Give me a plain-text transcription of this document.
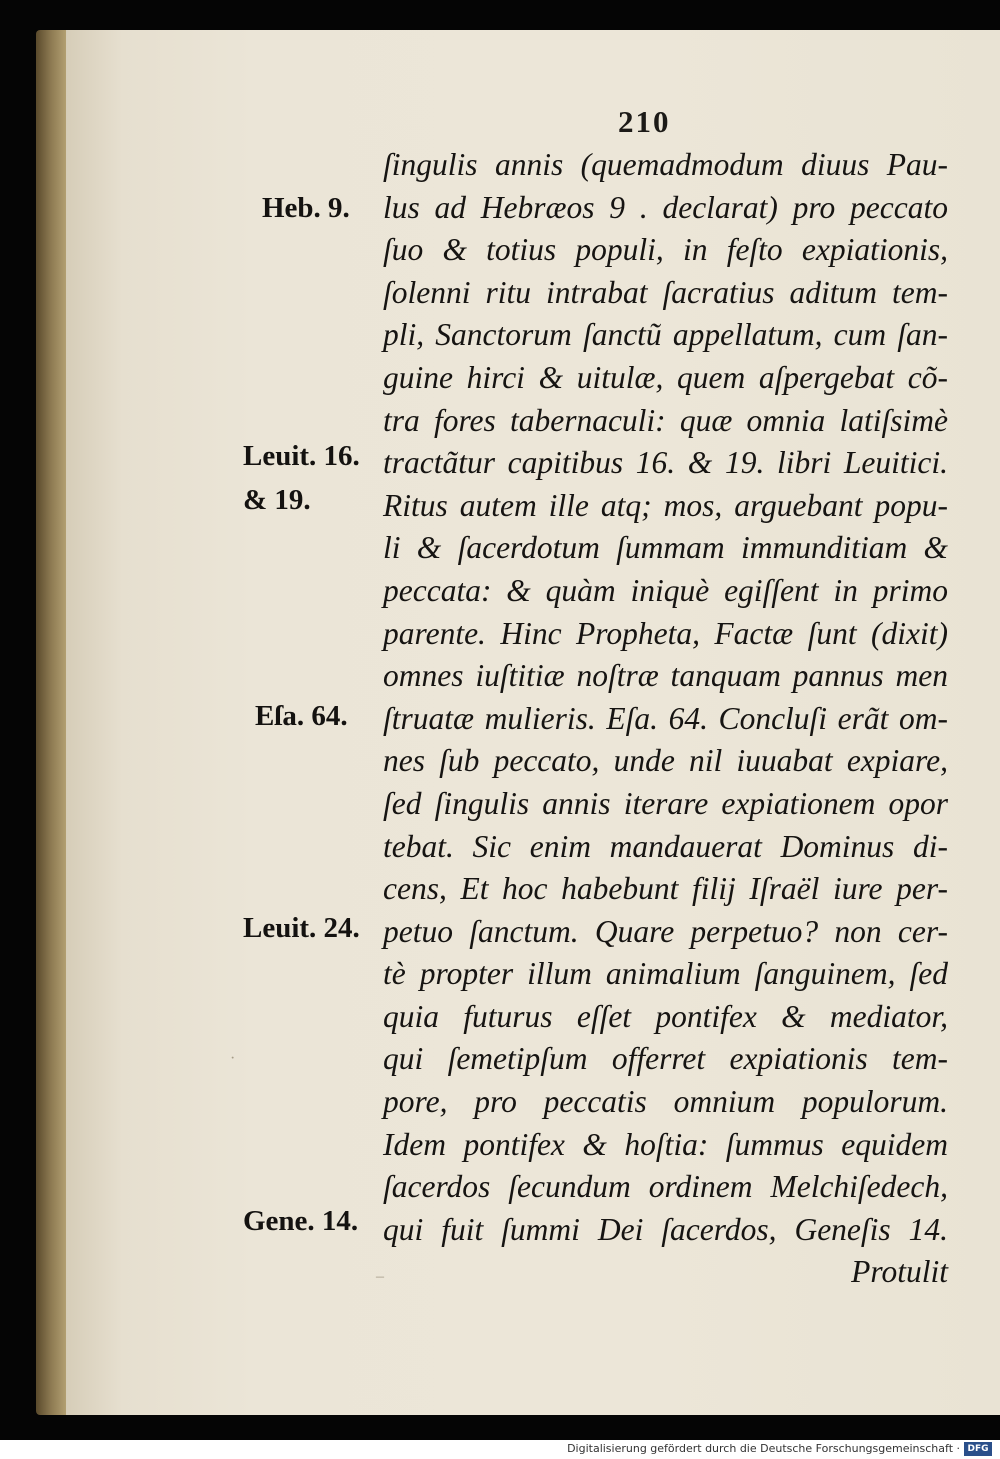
210
ſingulis annis (quemadmodum diuus Pau-
lus ad Hebræos 9 . declarat) pro peccato
ſuo & totius populi, in feſto expiationis,
ſolenni ritu intrabat ſacratius aditum tem-
pli, Sanctorum ſanctũ appellatum, cum ſan-
guine hirci & uitulæ, quem aſpergebat cõ-
tra fores tabernaculi: quæ omnia latiſsimè
tractãtur capitibus 16. & 19. libri Leuitici.
Ritus autem ille atq; mos, arguebant popu-
li & ſacerdotum ſummam immunditiam &
peccata: & quàm iniquè egiſſent in primo
parente. Hinc Propheta, Factæ ſunt (dixit)
omnes iuſtitiæ noſtræ tanquam pannus men
ſtruatæ mulieris. Eſa. 64. Concluſi erãt om-
nes ſub peccato, unde nil iuuabat expiare,
ſed ſingulis annis iterare expiationem opor
tebat. Sic enim mandauerat Dominus di-
cens, Et hoc habebunt filij Iſraël iure per-
petuo ſanctum. Quare perpetuo? non cer-
tè propter illum animalium ſanguinem, ſed
quia futurus eſſet pontifex & mediator,
qui ſemetipſum offerret expiationis tem-
pore, pro peccatis omnium populorum.
Idem pontifex & hoſtia: ſummus equidem
ſacerdos ſecundum ordinem Melchiſedech,
qui fuit ſummi Dei ſacerdos, Geneſis 14.
Protulit
Heb. 9.
Leuit. 16.
& 19.
Eſa. 64.
Leuit. 24.
Gene. 14.
·
–
Digitalisierung gefördert durch die Deutsche Forschungsgemeinschaft · DFG
